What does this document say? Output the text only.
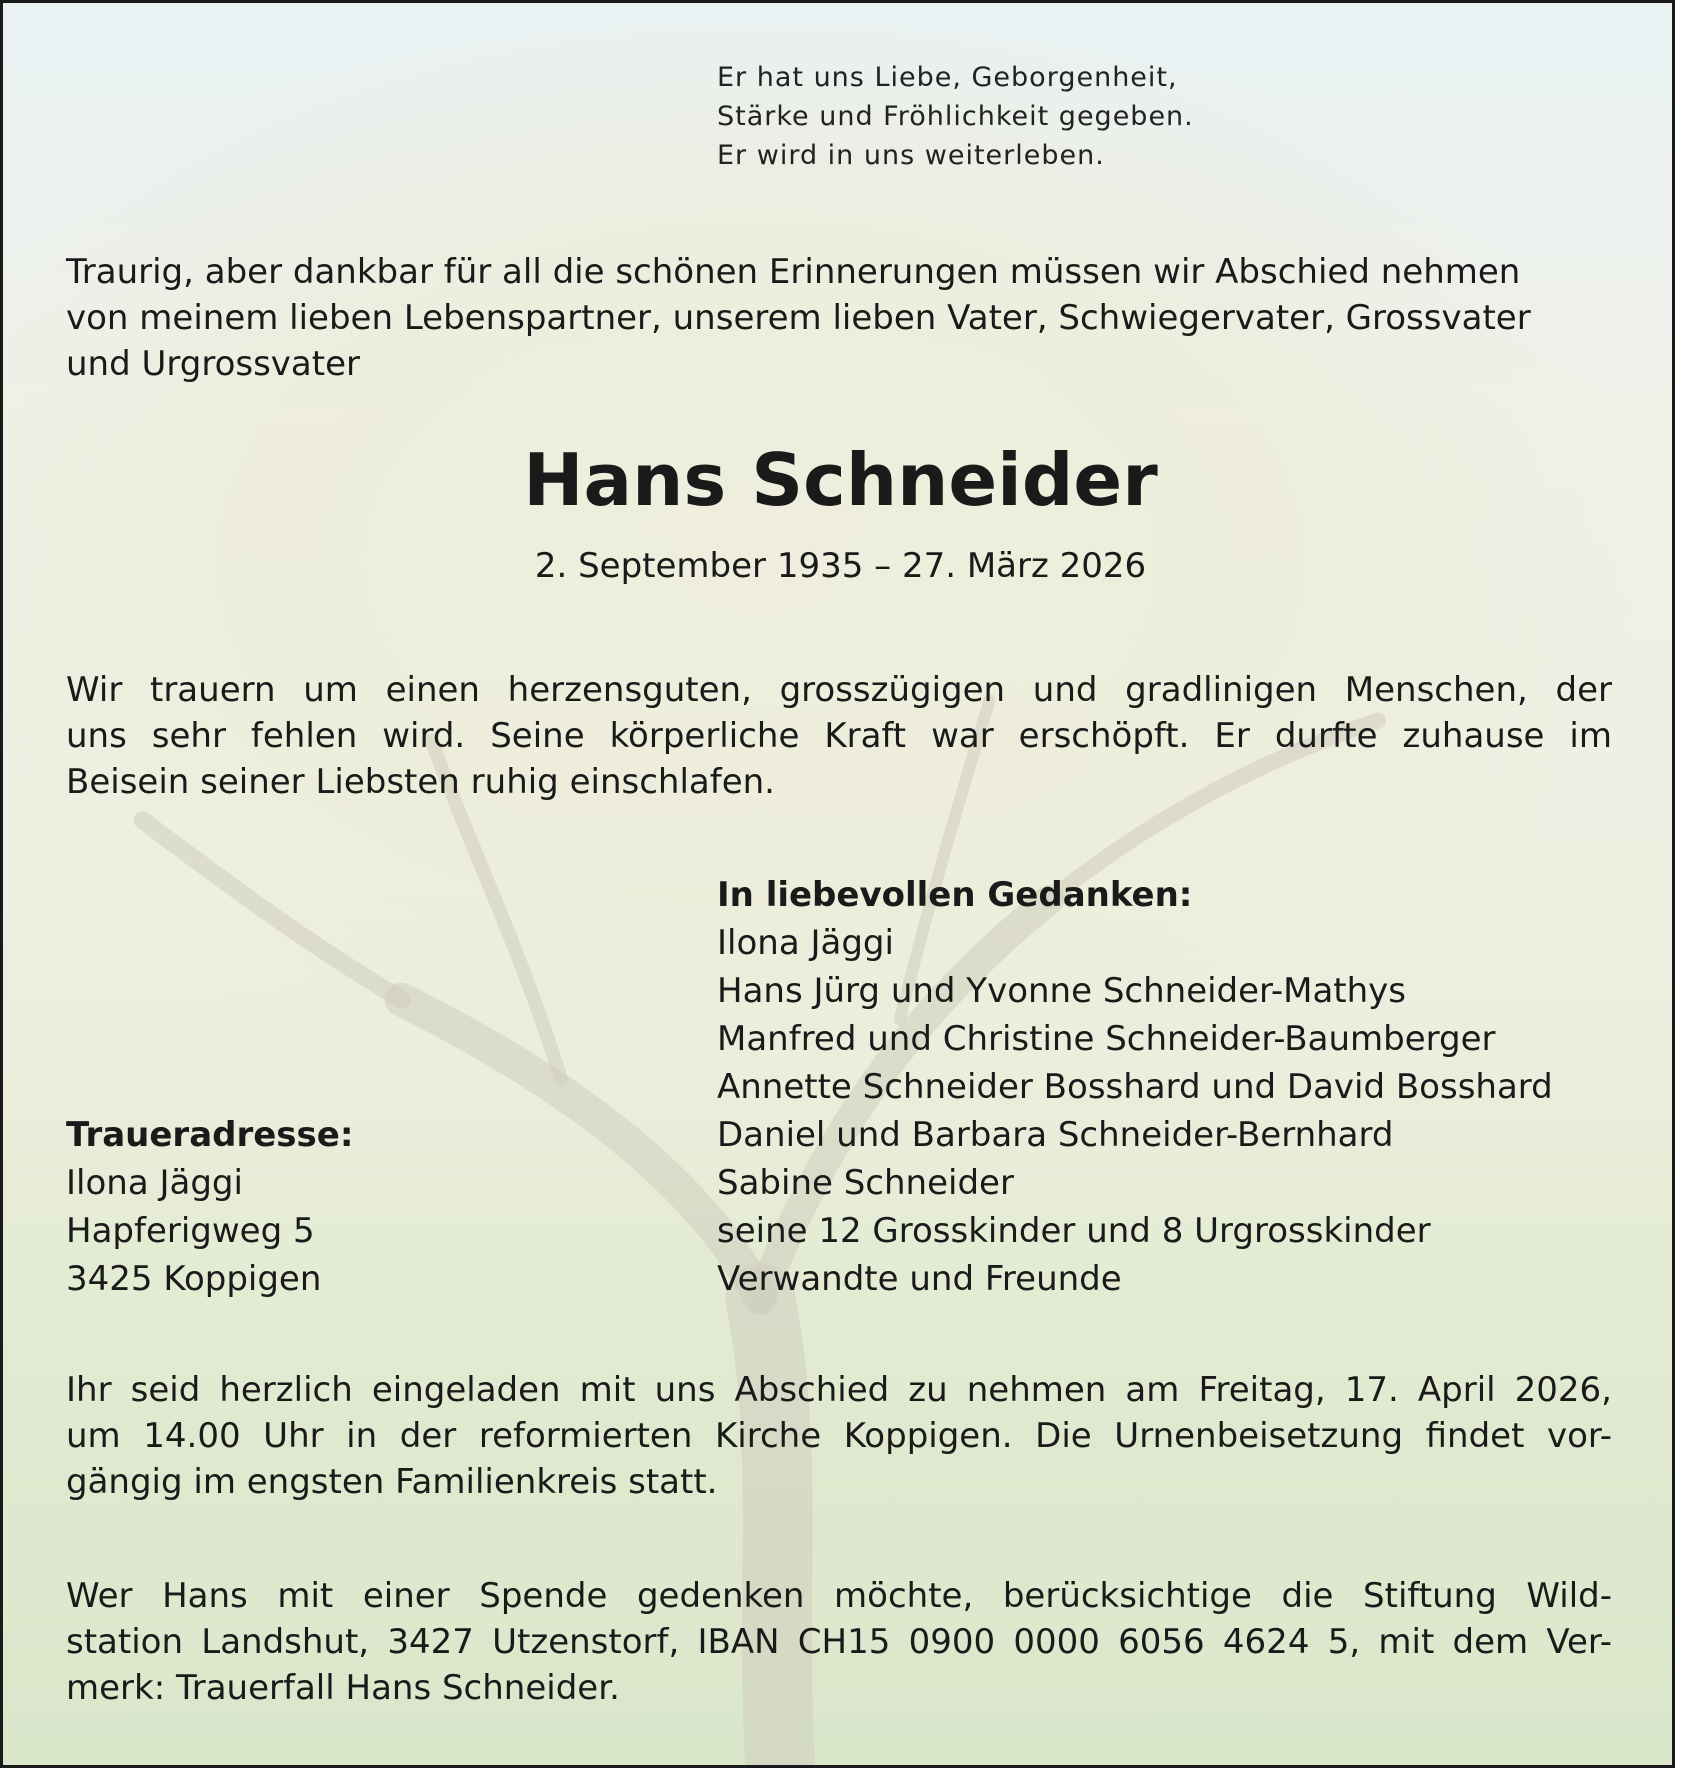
Er hat uns Liebe, Geborgenheit,
Stärke und Fröhlichkeit gegeben.
Er wird in uns weiterleben.
Traurig, aber dankbar für all die schönen Erinnerungen müssen wir Abschied nehmen
von meinem lieben Lebenspartner, unserem lieben Vater, Schwiegervater, Grossvater
und Urgrossvater
Hans Schneider
2. September 1935 – 27. März 2026
Wir trauern um einen herzensguten, grosszügigen und gradlinigen Menschen, der
uns sehr fehlen wird. Seine körperliche Kraft war erschöpft. Er durfte zuhause im
Beisein seiner Liebsten ruhig einschlafen.
In liebevollen Gedanken:
Ilona Jäggi
Hans Jürg und Yvonne Schneider-Mathys
Manfred und Christine Schneider-Baumberger
Annette Schneider Bosshard und David Bosshard
Daniel und Barbara Schneider-Bernhard
Sabine Schneider
seine 12 Grosskinder und 8 Urgrosskinder
Verwandte und Freunde
Traueradresse:
Ilona Jäggi
Hapferigweg 5
3425 Koppigen
Ihr seid herzlich eingeladen mit uns Abschied zu nehmen am Freitag, 17. April 2026,
um 14.00 Uhr in der reformierten Kirche Koppigen. Die Urnenbeisetzung findet vor-
gängig im engsten Familienkreis statt.
Wer Hans mit einer Spende gedenken möchte, berücksichtige die Stiftung Wild-
station Landshut, 3427 Utzenstorf, IBAN CH15 0900 0000 6056 4624 5, mit dem Ver-
merk: Trauerfall Hans Schneider.
